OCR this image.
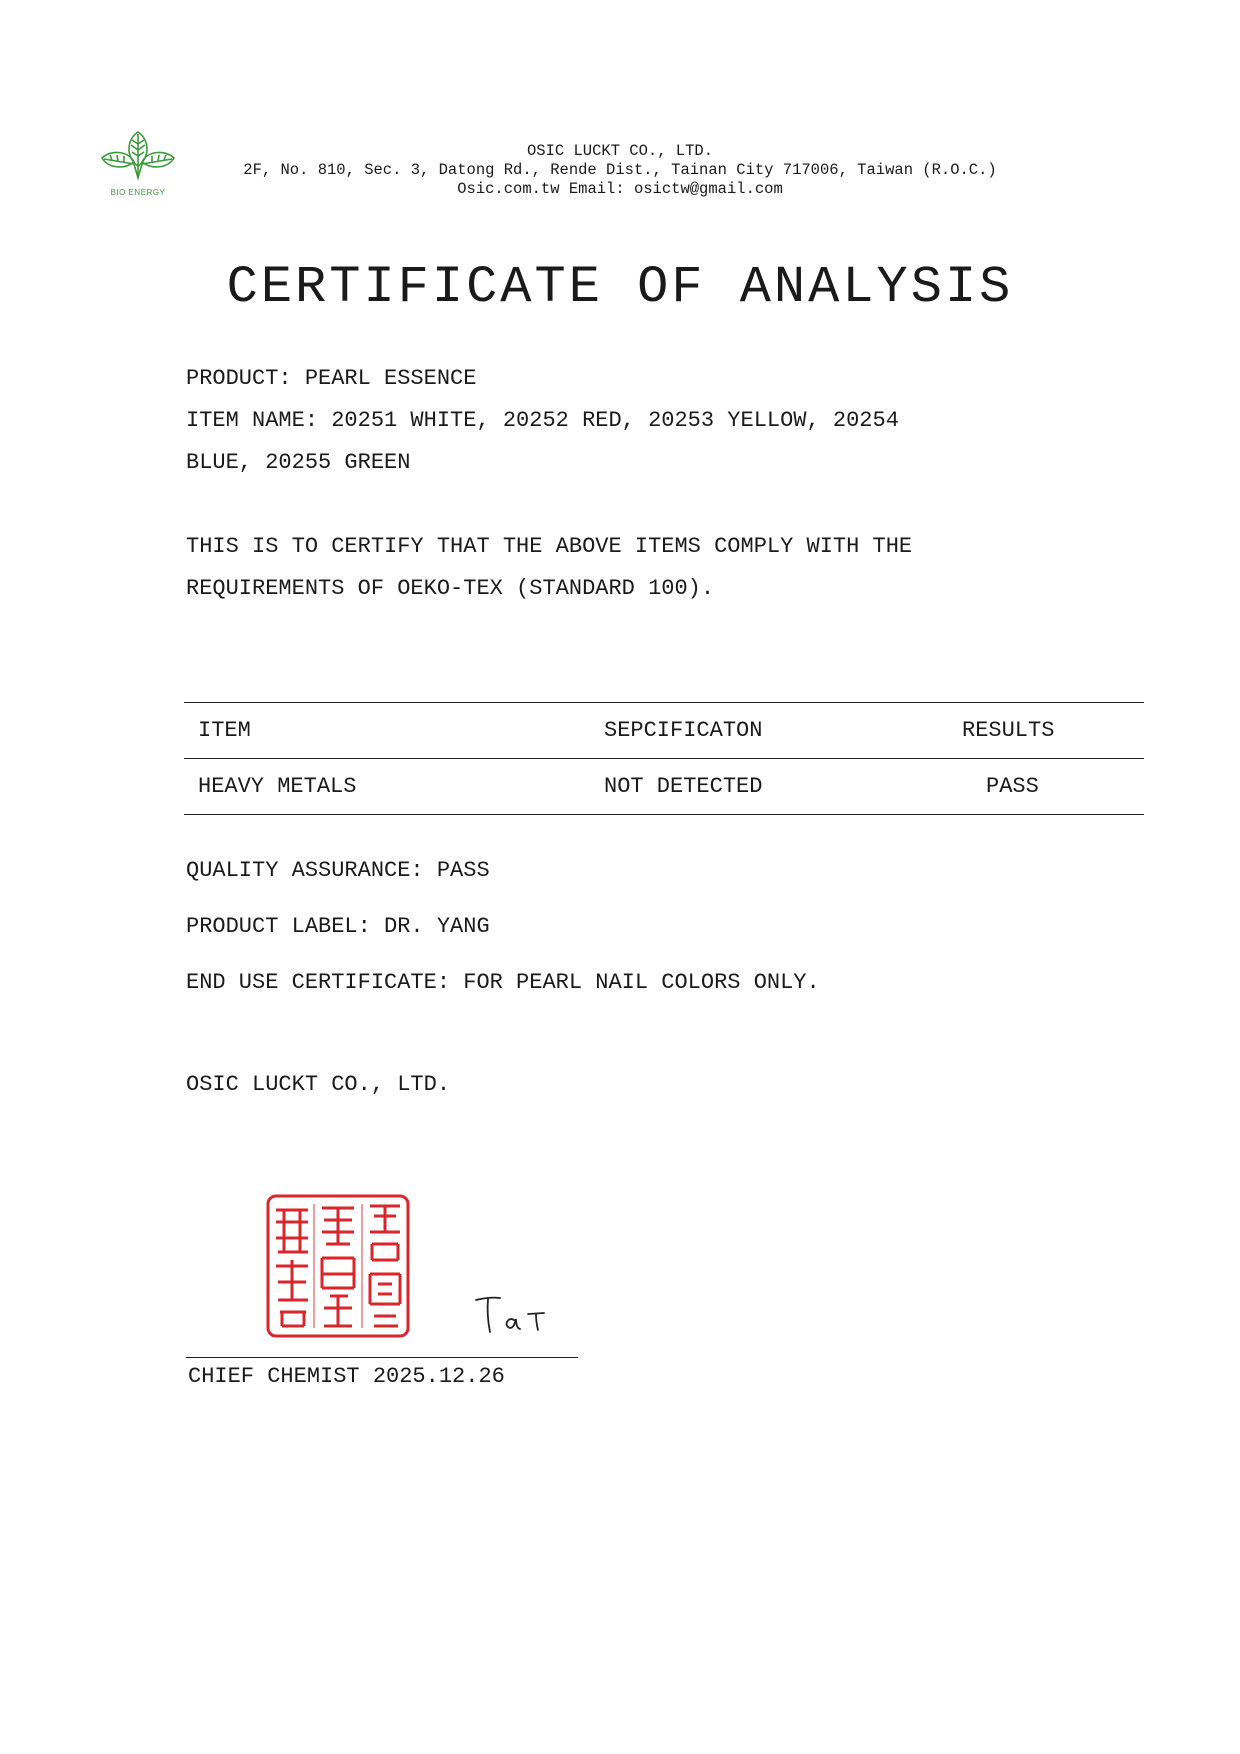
BIO ENERGY
OSIC LUCKT CO., LTD.
2F, No. 810, Sec. 3, Datong Rd., Rende Dist., Tainan City 717006, Taiwan (R.O.C.)
Osic.com.tw Email: osictw@gmail.com
CERTIFICATE OF ANALYSIS
PRODUCT: PEARL ESSENCE
ITEM NAME: 20251 WHITE, 20252 RED, 20253 YELLOW, 20254
BLUE, 20255 GREEN
THIS IS TO CERTIFY THAT THE ABOVE ITEMS COMPLY WITH THE
REQUIREMENTS OF OEKO-TEX (STANDARD 100).
ITEM	SEPCIFICATON	RESULTS
HEAVY METALS	NOT DETECTED	PASS
QUALITY ASSURANCE: PASS
PRODUCT LABEL: DR. YANG
END USE CERTIFICATE: FOR PEARL NAIL COLORS ONLY.
OSIC LUCKT CO., LTD.
CHIEF CHEMIST 2025.12.26
